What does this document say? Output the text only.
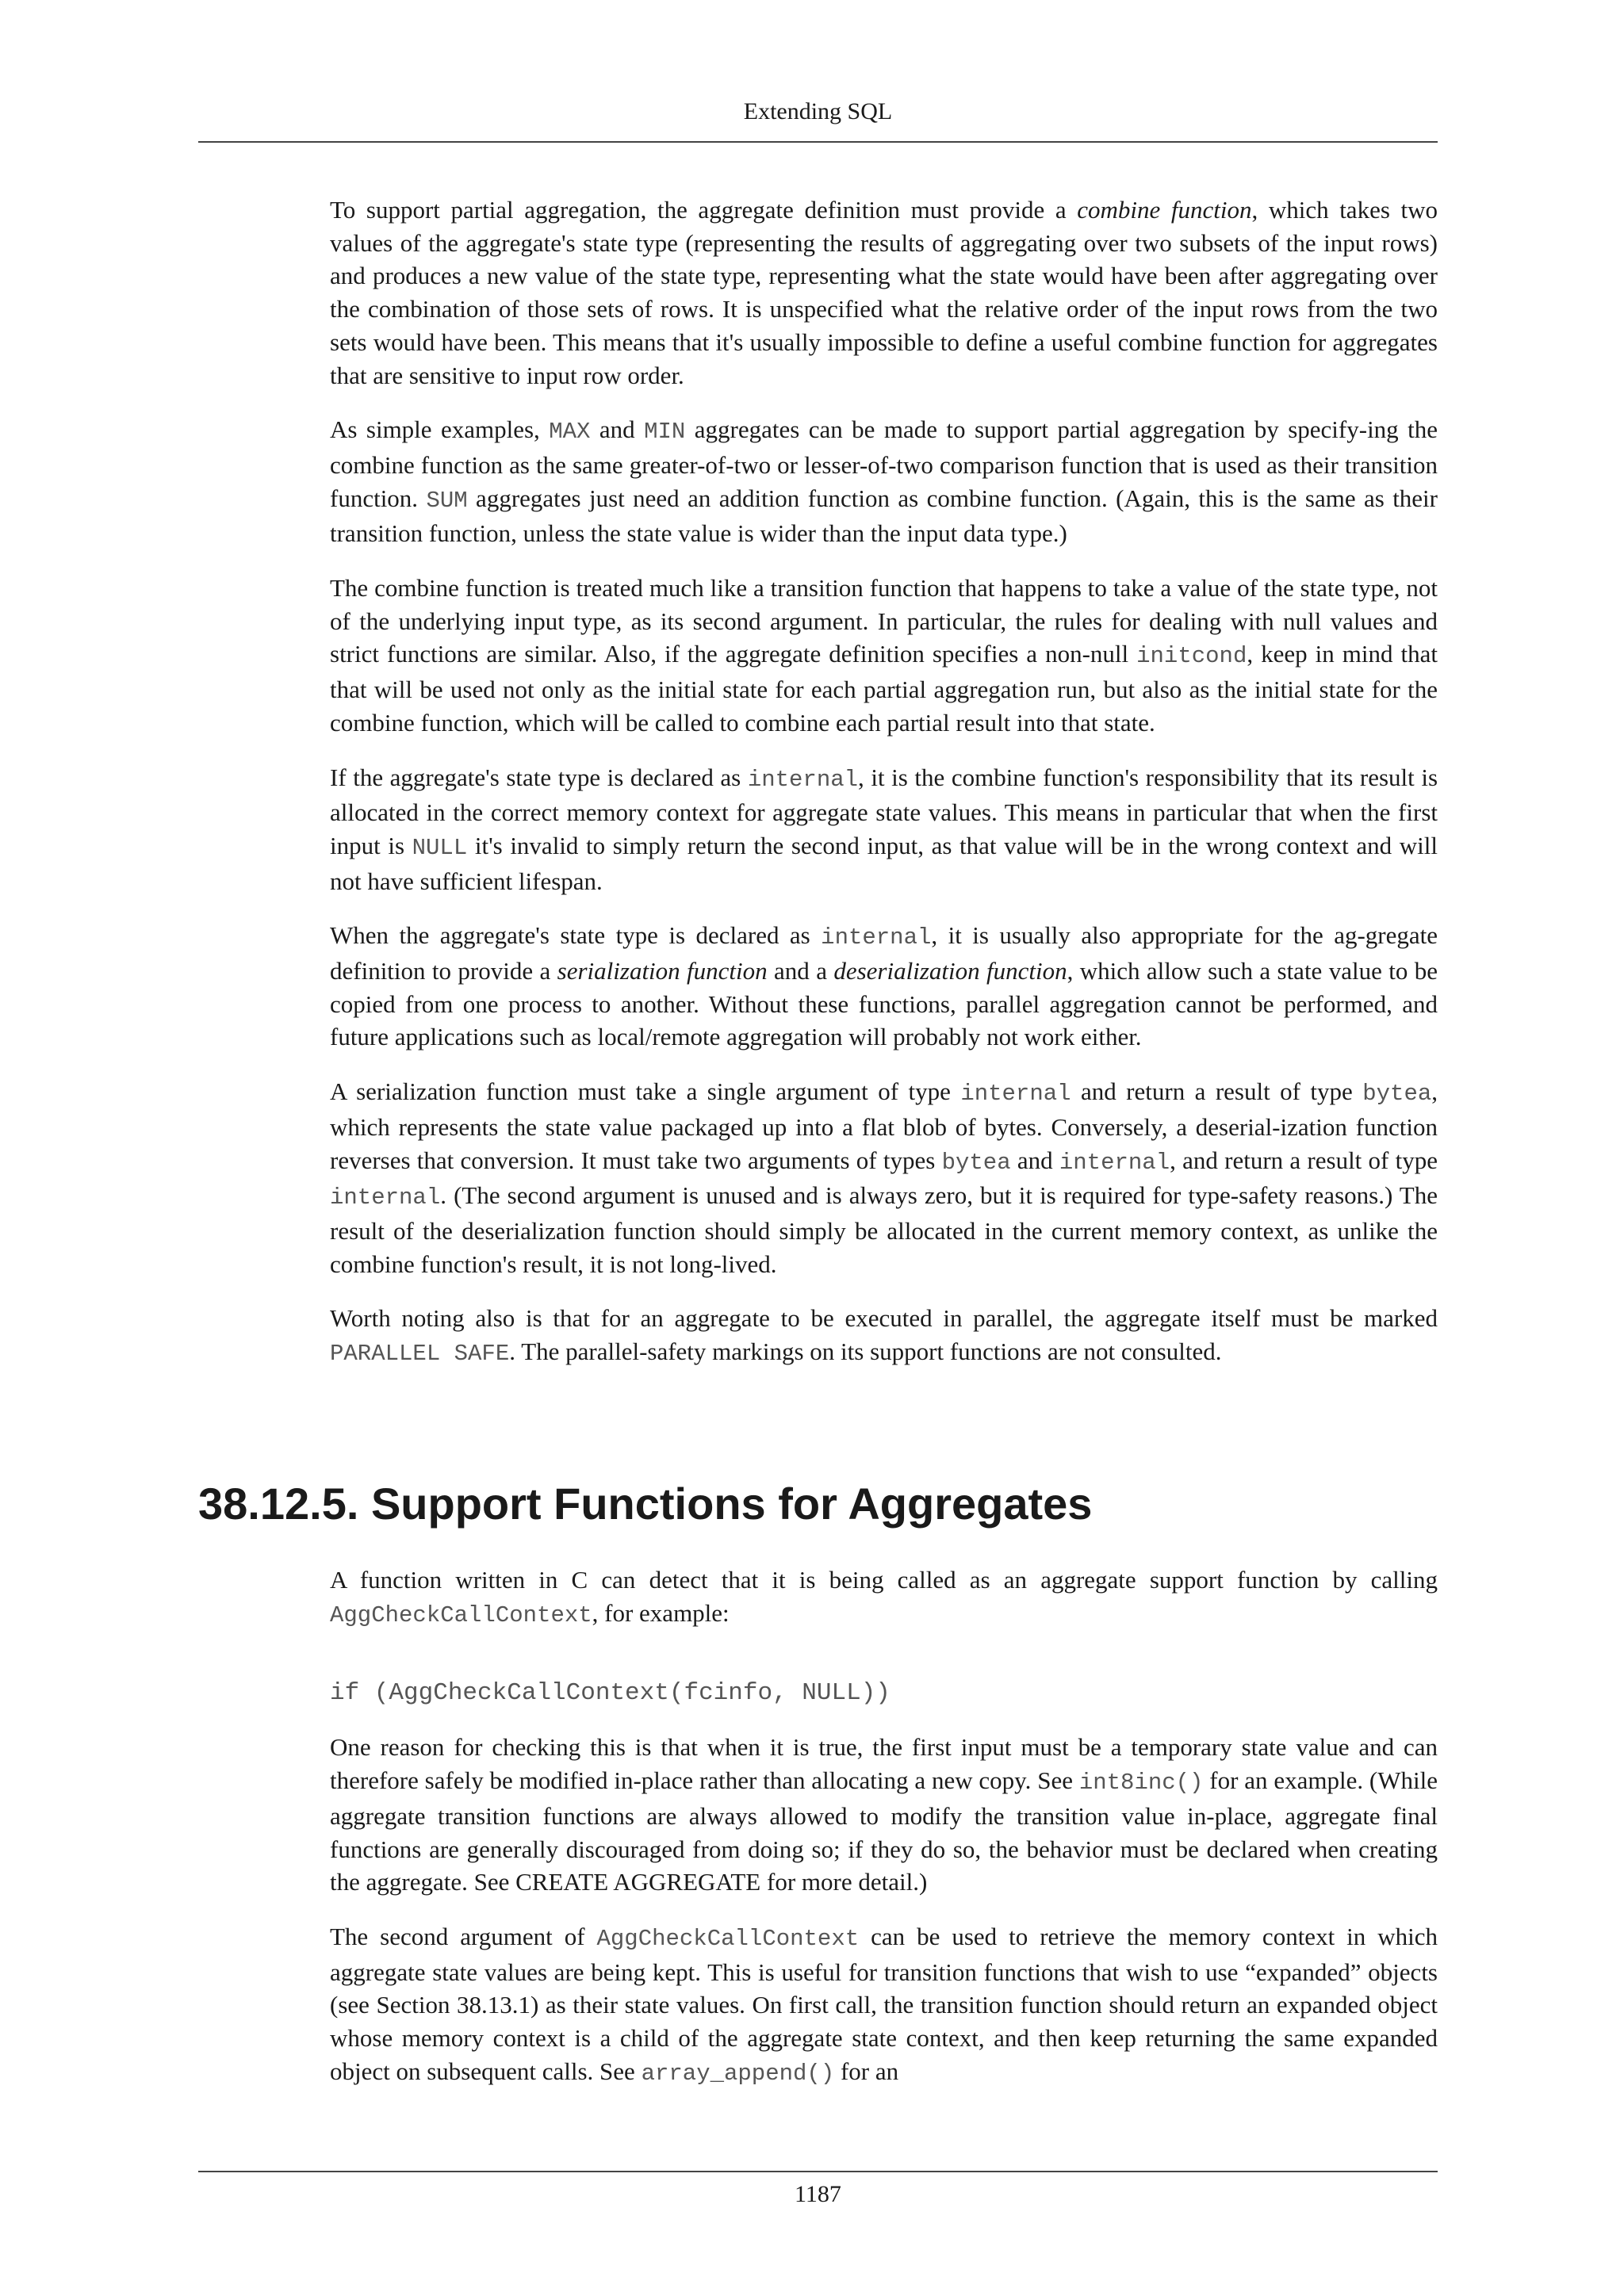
Extending SQL

To support partial aggregation, the aggregate definition must provide a combine function, which takes two values of the aggregate's state type (representing the results of aggregating over two subsets of the input rows) and produces a new value of the state type, representing what the state would have been after aggregating over the combination of those sets of rows. It is unspecified what the relative order of the input rows from the two sets would have been. This means that it's usually impossible to define a useful combine function for aggregates that are sensitive to input row order.

As simple examples, MAX and MIN aggregates can be made to support partial aggregation by specify-ing the combine function as the same greater-of-two or lesser-of-two comparison function that is used as their transition function. SUM aggregates just need an addition function as combine function. (Again, this is the same as their transition function, unless the state value is wider than the input data type.)

The combine function is treated much like a transition function that happens to take a value of the state type, not of the underlying input type, as its second argument. In particular, the rules for dealing with null values and strict functions are similar. Also, if the aggregate definition specifies a non-null initcond, keep in mind that that will be used not only as the initial state for each partial aggregation run, but also as the initial state for the combine function, which will be called to combine each partial result into that state.

If the aggregate's state type is declared as internal, it is the combine function's responsibility that its result is allocated in the correct memory context for aggregate state values. This means in particular that when the first input is NULL it's invalid to simply return the second input, as that value will be in the wrong context and will not have sufficient lifespan.

When the aggregate's state type is declared as internal, it is usually also appropriate for the ag-gregate definition to provide a serialization function and a deserialization function, which allow such a state value to be copied from one process to another. Without these functions, parallel aggregation cannot be performed, and future applications such as local/remote aggregation will probably not work either.

A serialization function must take a single argument of type internal and return a result of type bytea, which represents the state value packaged up into a flat blob of bytes. Conversely, a deserial-ization function reverses that conversion. It must take two arguments of types bytea and internal, and return a result of type internal. (The second argument is unused and is always zero, but it is required for type-safety reasons.) The result of the deserialization function should simply be allocated in the current memory context, as unlike the combine function's result, it is not long-lived.

Worth noting also is that for an aggregate to be executed in parallel, the aggregate itself must be marked PARALLEL SAFE. The parallel-safety markings on its support functions are not consulted.

38.12.5. Support Functions for Aggregates

A function written in C can detect that it is being called as an aggregate support function by calling AggCheckCallContext, for example:

if (AggCheckCallContext(fcinfo, NULL))

One reason for checking this is that when it is true, the first input must be a temporary state value and can therefore safely be modified in-place rather than allocating a new copy. See int8inc() for an example. (While aggregate transition functions are always allowed to modify the transition value in-place, aggregate final functions are generally discouraged from doing so; if they do so, the behavior must be declared when creating the aggregate. See CREATE AGGREGATE for more detail.)

The second argument of AggCheckCallContext can be used to retrieve the memory context in which aggregate state values are being kept. This is useful for transition functions that wish to use “expanded” objects (see Section 38.13.1) as their state values. On first call, the transition function should return an expanded object whose memory context is a child of the aggregate state context, and then keep returning the same expanded object on subsequent calls. See array_append() for an

1187
